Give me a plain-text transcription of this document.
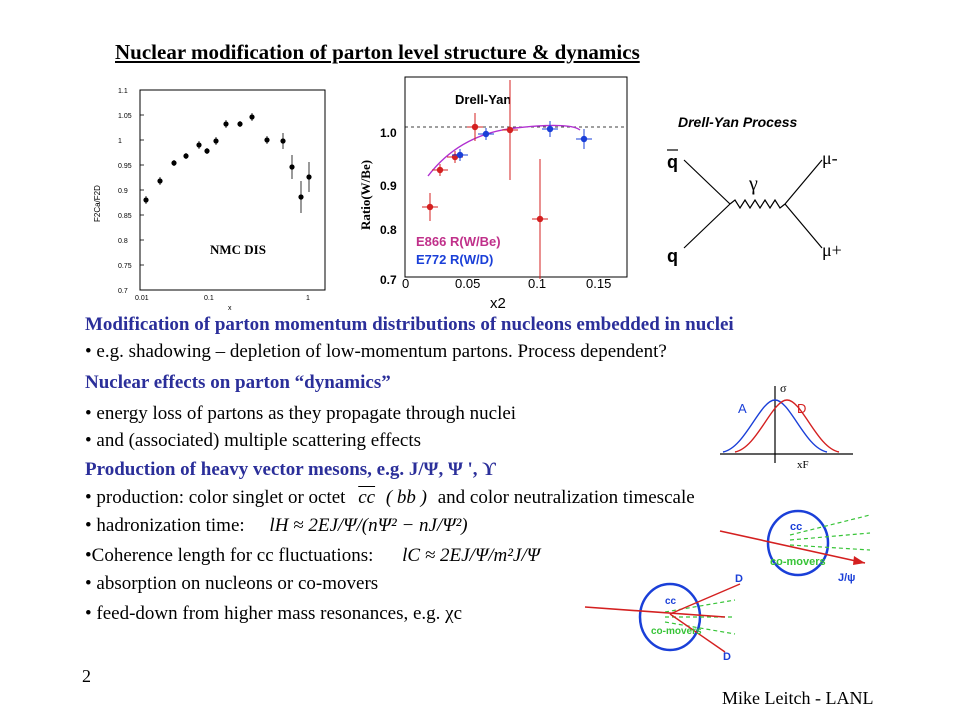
Nuclear modification of parton level structure & dynamics
1.1
1.05
1
0.95
0.9
0.85
0.8
0.75
0.7
0.01	0.1	1
x
F2Ca/F2D
NMC DIS
Drell-Yan
Ratio(W/Be)
1.0
0.9
0.8
0.7 0	0.05	0.1	0.15
x2
E866 R(W/Be)
E772 R(W/D)
Drell-Yan Process
q
q
γ
μ-
μ+
Modification of parton momentum distributions of nucleons embedded in nuclei
• e.g. shadowing – depletion of low-momentum partons. Process dependent?
Nuclear effects on parton “dynamics”
• energy loss of partons as they propagate through nuclei
• and (associated) multiple scattering effects
Production of heavy vector mesons, e.g. J/Ψ, Ψ ', ϒ
• production: color singlet or octet $\overline{cc}$ ( bb ) and color neutralization timescale
• hadronization time: lH ≈ 2EJ/Ψ/(nΨ² − nJ/Ψ²)
•Coherence length for cc fluctuations: lC ≈ 2EJ/Ψ/m²J/Ψ
• absorption on nucleons or co-movers
• feed-down from higher mass resonances, e.g. χc
σ
A	D
xF
cc
co-movers
J/ψ
D
D
cc
co-movers
2
Mike Leitch - LANL
